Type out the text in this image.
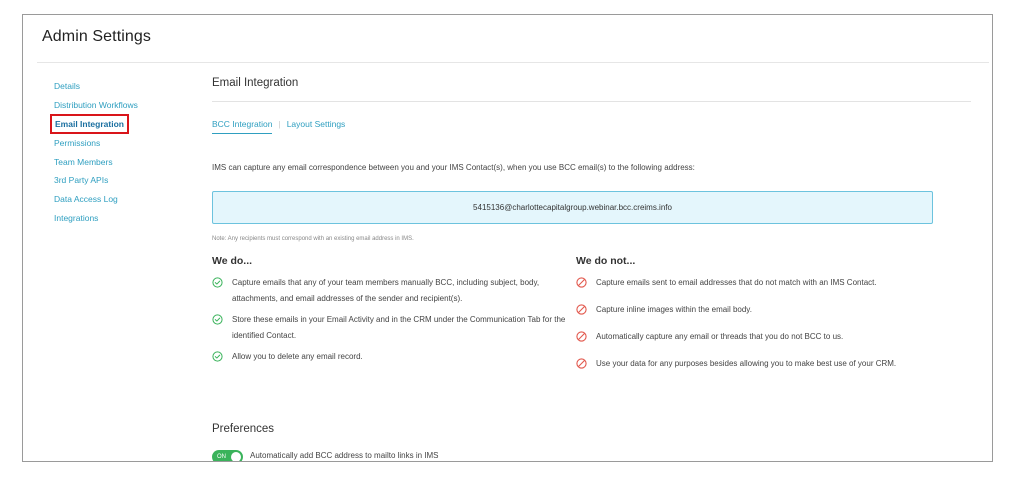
Admin Settings
Details
Distribution Workflows
Email Integration
Permissions
Team Members
3rd Party APIs
Data Access Log
Integrations
Email Integration
BCC Integration | Layout Settings
IMS can capture any email correspondence between you and your IMS Contact(s), when you use BCC email(s) to the following address:
5415136@charlottecapitalgroup.webinar.bcc.creims.info
Note: Any recipients must correspond with an existing email address in IMS.
We do...
Capture emails that any of your team members manually BCC, including subject, body, attachments, and email addresses of the sender and recipient(s).
Store these emails in your Email Activity and in the CRM under the Communication Tab for the identified Contact.
Allow you to delete any email record.
We do not...
Capture emails sent to email addresses that do not match with an IMS Contact.
Capture inline images within the email body.
Automatically capture any email or threads that you do not BCC to us.
Use your data for any purposes besides allowing you to make best use of your CRM.
Preferences
ON	Automatically add BCC address to mailto links in IMS
